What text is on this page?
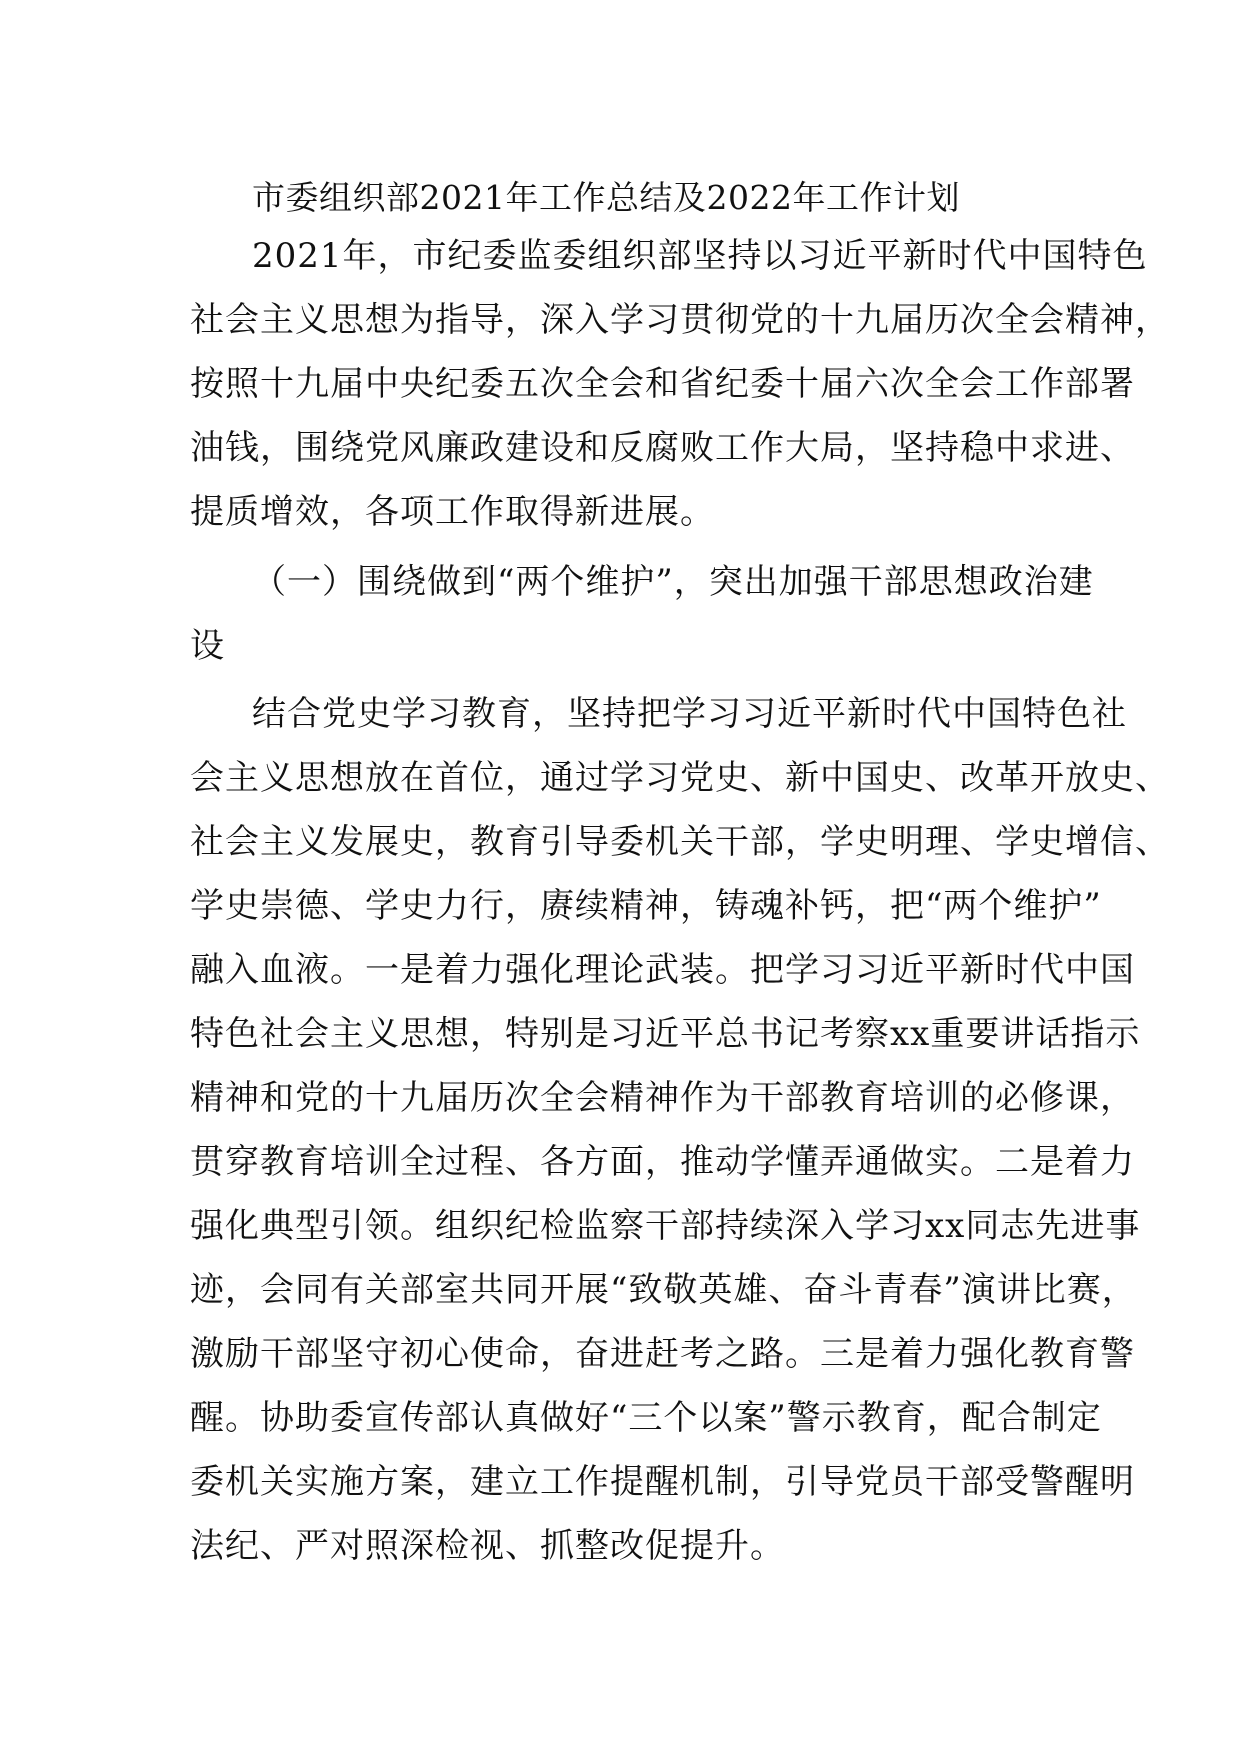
市委组织部2021年工作总结及2022年工作计划

2021年，市纪委监委组织部坚持以习近平新时代中国特色

社会主义思想为指导，深入学习贯彻党的十九届历次全会精神，

按照十九届中央纪委五次全会和省纪委十届六次全会工作部署

油钱，围绕党风廉政建设和反腐败工作大局，坚持稳中求进、

提质增效，各项工作取得新进展。

（一）围绕做到“两个维护”，突出加强干部思想政治建

设

结合党史学习教育，坚持把学习习近平新时代中国特色社

会主义思想放在首位，通过学习党史、新中国史、改革开放史、

社会主义发展史，教育引导委机关干部，学史明理、学史增信、

学史崇德、学史力行，赓续精神，铸魂补钙，把“两个维护”

融入血液。一是着力强化理论武装。把学习习近平新时代中国

特色社会主义思想，特别是习近平总书记考察xx重要讲话指示

精神和党的十九届历次全会精神作为干部教育培训的必修课，

贯穿教育培训全过程、各方面，推动学懂弄通做实。二是着力

强化典型引领。组织纪检监察干部持续深入学习xx同志先进事

迹，会同有关部室共同开展“致敬英雄、奋斗青春”演讲比赛，

激励干部坚守初心使命，奋进赶考之路。三是着力强化教育警

醒。协助委宣传部认真做好“三个以案”警示教育，配合制定

委机关实施方案，建立工作提醒机制，引导党员干部受警醒明

法纪、严对照深检视、抓整改促提升。
